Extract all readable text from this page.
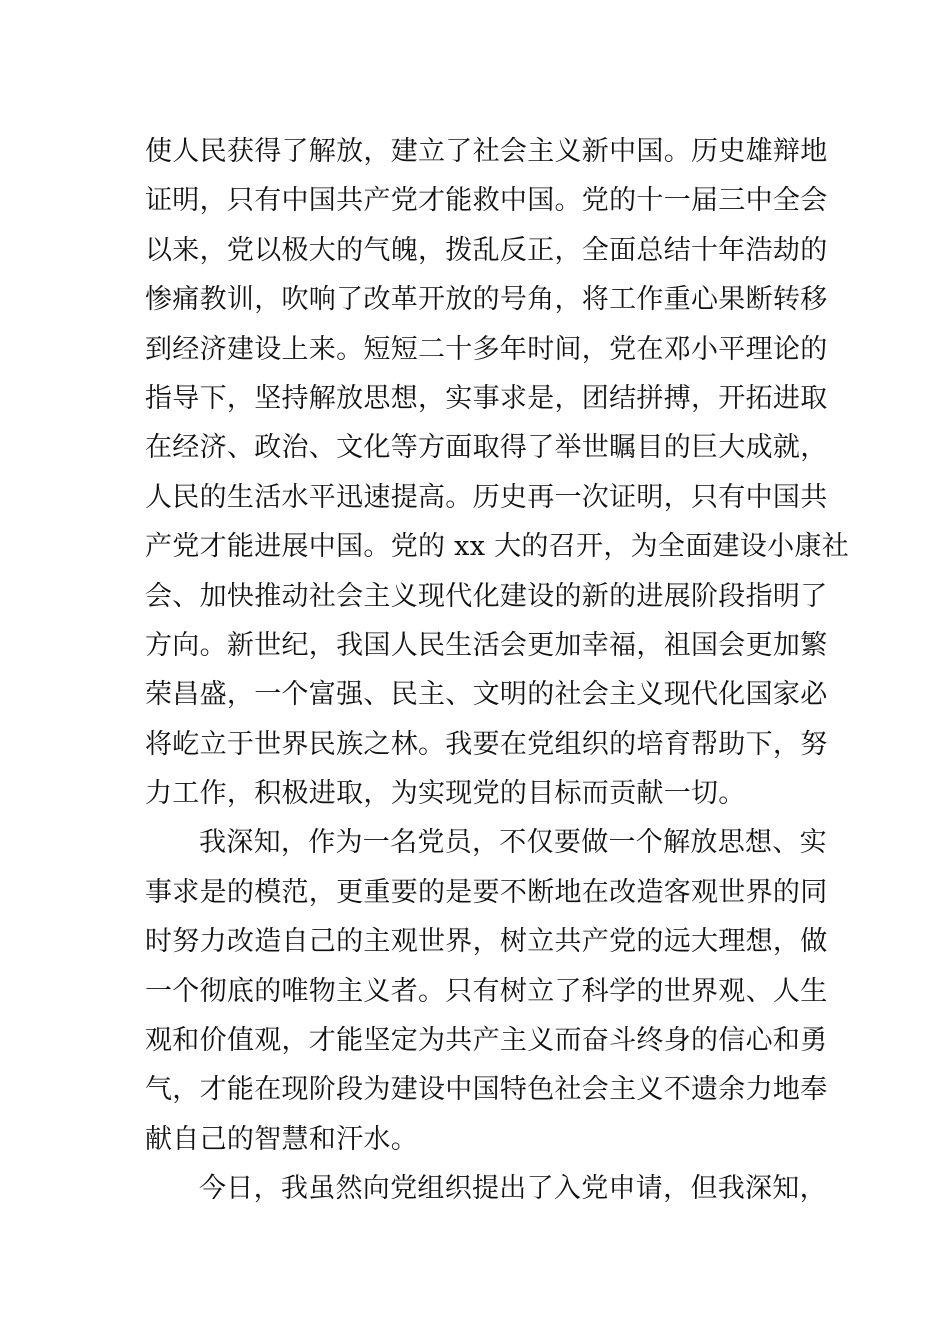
使人民获得了解放，建立了社会主义新中国。历史雄辩地
证明，只有中国共产党才能救中国。党的十一届三中全会
以来，党以极大的气魄，拨乱反正，全面总结十年浩劫的
惨痛教训，吹响了改革开放的号角，将工作重心果断转移
到经济建设上来。短短二十多年时间，党在邓小平理论的
指导下，坚持解放思想，实事求是，团结拼搏，开拓进取
在经济、政治、文化等方面取得了举世瞩目的巨大成就，
人民的生活水平迅速提高。历史再一次证明，只有中国共
产党才能进展中国。党的 xx 大的召开，为全面建设小康社
会、加快推动社会主义现代化建设的新的进展阶段指明了
方向。新世纪，我国人民生活会更加幸福，祖国会更加繁
荣昌盛，一个富强、民主、文明的社会主义现代化国家必
将屹立于世界民族之林。我要在党组织的培育帮助下，努
力工作，积极进取，为实现党的目标而贡献一切。
我深知，作为一名党员，不仅要做一个解放思想、实
事求是的模范，更重要的是要不断地在改造客观世界的同
时努力改造自己的主观世界，树立共产党的远大理想，做
一个彻底的唯物主义者。只有树立了科学的世界观、人生
观和价值观，才能坚定为共产主义而奋斗终身的信心和勇
气，才能在现阶段为建设中国特色社会主义不遗余力地奉
献自己的智慧和汗水。
今日，我虽然向党组织提出了入党申请，但我深知，
